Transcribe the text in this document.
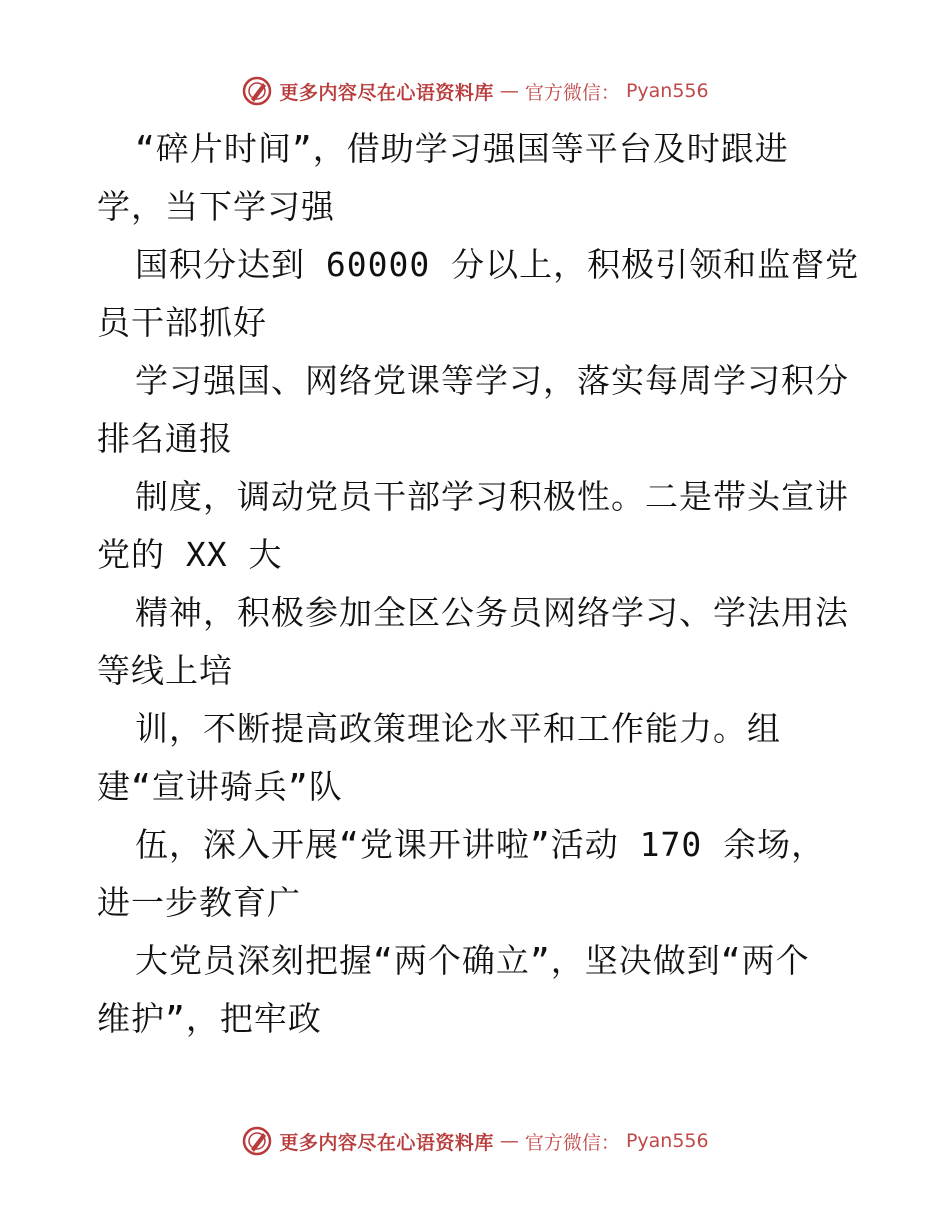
更多内容尽在心语资料库 — 官方微信： Pyan556
“碎片时间”，借助学习强国等平台及时跟进
学，当下学习强
国积分达到 60000 分以上，积极引领和监督党
员干部抓好
学习强国、网络党课等学习，落实每周学习积分
排名通报
制度，调动党员干部学习积极性。二是带头宣讲
党的 XX 大
精神，积极参加全区公务员网络学习、学法用法
等线上培
训，不断提高政策理论水平和工作能力。组
建“宣讲骑兵”队
伍，深入开展“党课开讲啦”活动 170 余场，
进一步教育广
大党员深刻把握“两个确立”，坚决做到“两个
维护”，把牢政
更多内容尽在心语资料库 — 官方微信： Pyan556
